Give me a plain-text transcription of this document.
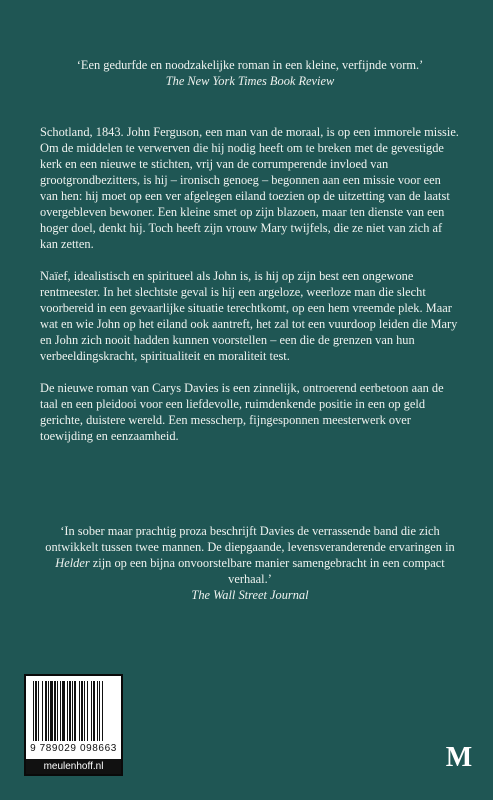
‘Een gedurfde en noodzakelijke roman in een kleine, verfijnde vorm.’
The New York Times Book Review

Schotland, 1843. John Ferguson, een man van de moraal, is op een immorele missie. Om de middelen te verwerven die hij nodig heeft om te breken met de gevestigde kerk en een nieuwe te stichten, vrij van de corrumperende invloed van grootgrondbezitters, is hij – ironisch genoeg – begonnen aan een missie voor een van hen: hij moet op een ver afgelegen eiland toezien op de uitzetting van de laatst overgebleven bewoner. Een kleine smet op zijn blazoen, maar ten dienste van een hoger doel, denkt hij. Toch heeft zijn vrouw Mary twijfels, die ze niet van zich af kan zetten.

Naïef, idealistisch en spiritueel als John is, is hij op zijn best een ongewone rentmeester. In het slechtste geval is hij een argeloze, weerloze man die slecht voorbereid in een gevaarlijke situatie terechtkomt, op een hem vreemde plek. Maar wat en wie John op het eiland ook aantreft, het zal tot een vuurdoop leiden die Mary en John zich nooit hadden kunnen voorstellen – een die de grenzen van hun verbeeldingskracht, spiritualiteit en moraliteit test.

De nieuwe roman van Carys Davies is een zinnelijk, ontroerend eerbetoon aan de taal en een pleidooi voor een liefdevolle, ruimdenkende positie in een op geld gerichte, duistere wereld. Een messcherp, fijngesponnen meesterwerk over toewijding en eenzaamheid.

‘In sober maar prachtig proza beschrijft Davies de verrassende band die zich ontwikkelt tussen twee mannen. De diepgaande, levensveranderende ervaringen in Helder zijn op een bijna onvoorstelbare manier samengebracht in een compact verhaal.’
The Wall Street Journal
9 789029 098663
meulenhoff.nl	M
